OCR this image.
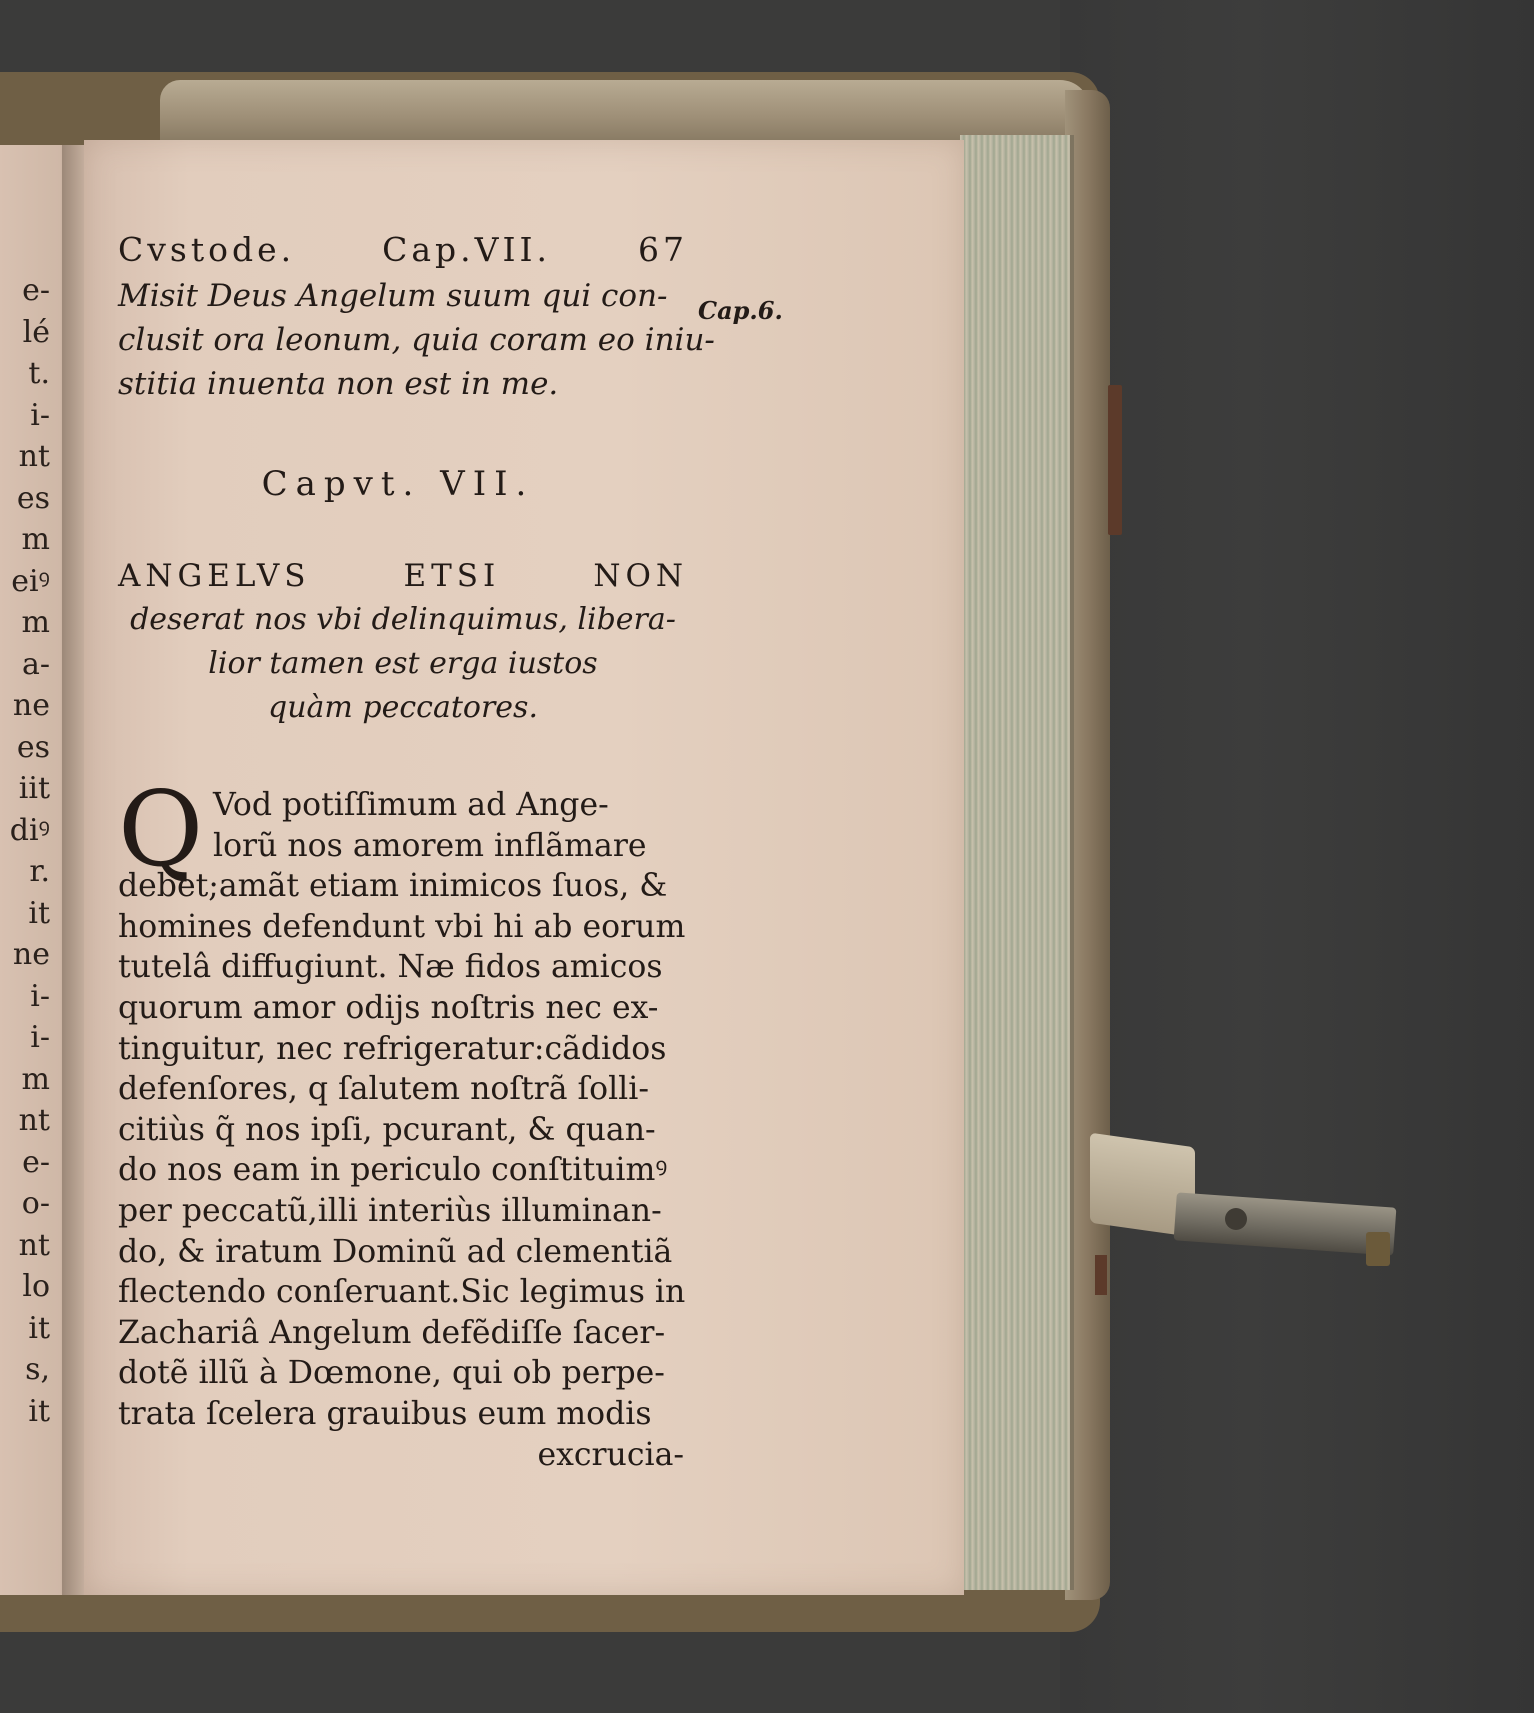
e-
lé
t.
i-
nt
es
m
eiꝰ
m
a-
ne
es
iit
diꝰ
r.
it
ne
i-
i-
m
nt
e-
o-
nt
lo
it
s,
it
Cvstode.	Cap.VII.	67
Misit Deus Angelum suum qui con-
clusit ora leonum, quia coram eo iniu-
stitia inuenta non est in me.
Capvt. VII.
ANGELVS	ETSI	NON
deserat nos vbi delinquimus, libera-
lior tamen est erga iustos
quàm peccatores.
Q Vod potiſſimum ad Ange-
lorũ nos amorem inflãmare
debet;amãt etiam inimicos ſuos, &
homines defendunt vbi hi ab eorum
tutelâ diffugiunt. Næ fidos amicos
quorum amor odijs noſtris nec ex-
tinguitur, nec refrigeratur:cãdidos
defenſores, q ſalutem noſtrã ſolli-
citiùs q̃ nos ipſi, pcurant, & quan-
do nos eam in periculo conſtituimꝰ
per peccatũ,illi interiùs illuminan-
do, & iratum Dominũ ad clementiã
flectendo conſeruant.Sic legimus in
Zachariâ Angelum defẽdiſſe ſacer-
dotẽ illũ à Dœmone, qui ob perpe-
trata ſcelera grauibus eum modis
excrucia-
Cap.6.
